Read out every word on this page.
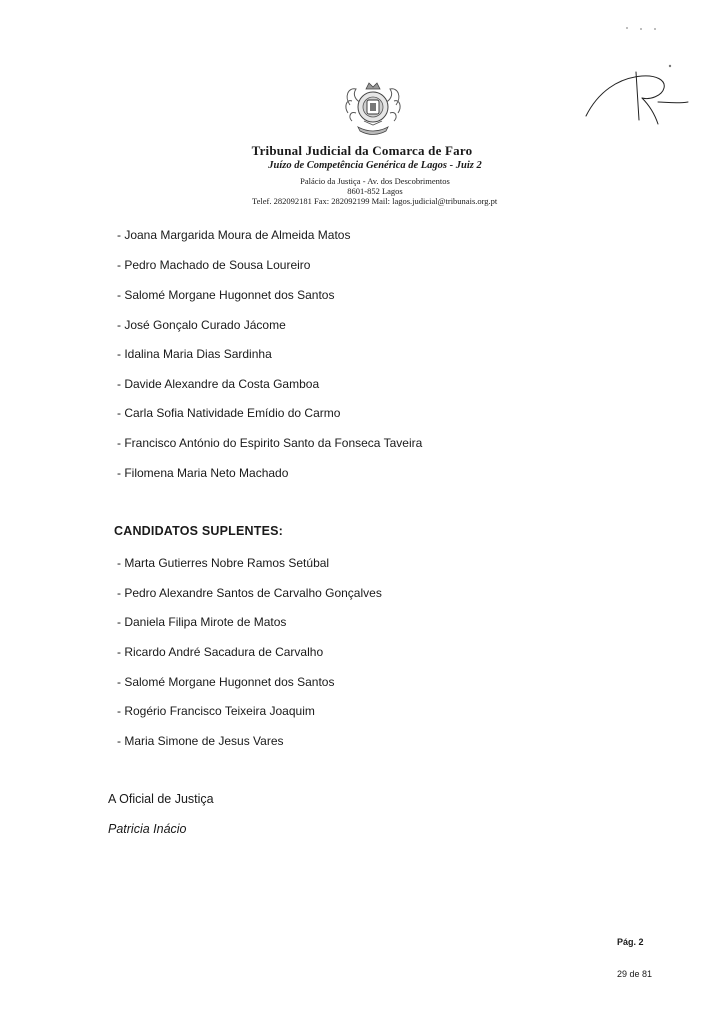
Tribunal Judicial da Comarca de Faro
Juízo de Competência Genérica de Lagos - Juiz 2
Palácio da Justiça - Av. dos Descobrimentos
8601-852 Lagos
Telef. 282092181 Fax: 282092199 Mail: lagos.judicial@tribunais.org.pt
- Joana Margarida Moura de Almeida Matos
- Pedro Machado de Sousa Loureiro
- Salomé Morgane Hugonnet dos Santos
- José Gonçalo Curado Jácome
- Idalina Maria Dias Sardinha
- Davide Alexandre da Costa Gamboa
- Carla Sofia Natividade Emídio do Carmo
- Francisco António do Espirito Santo da Fonseca Taveira
- Filomena Maria Neto Machado
CANDIDATOS SUPLENTES:
- Marta Gutierres Nobre Ramos Setúbal
- Pedro Alexandre Santos de Carvalho Gonçalves
- Daniela Filipa Mirote de Matos
- Ricardo André Sacadura de Carvalho
- Salomé Morgane Hugonnet dos Santos
- Rogério Francisco Teixeira Joaquim
- Maria Simone de Jesus Vares
A Oficial de Justiça
Patricia Inácio
Pág. 2
29 de 81
